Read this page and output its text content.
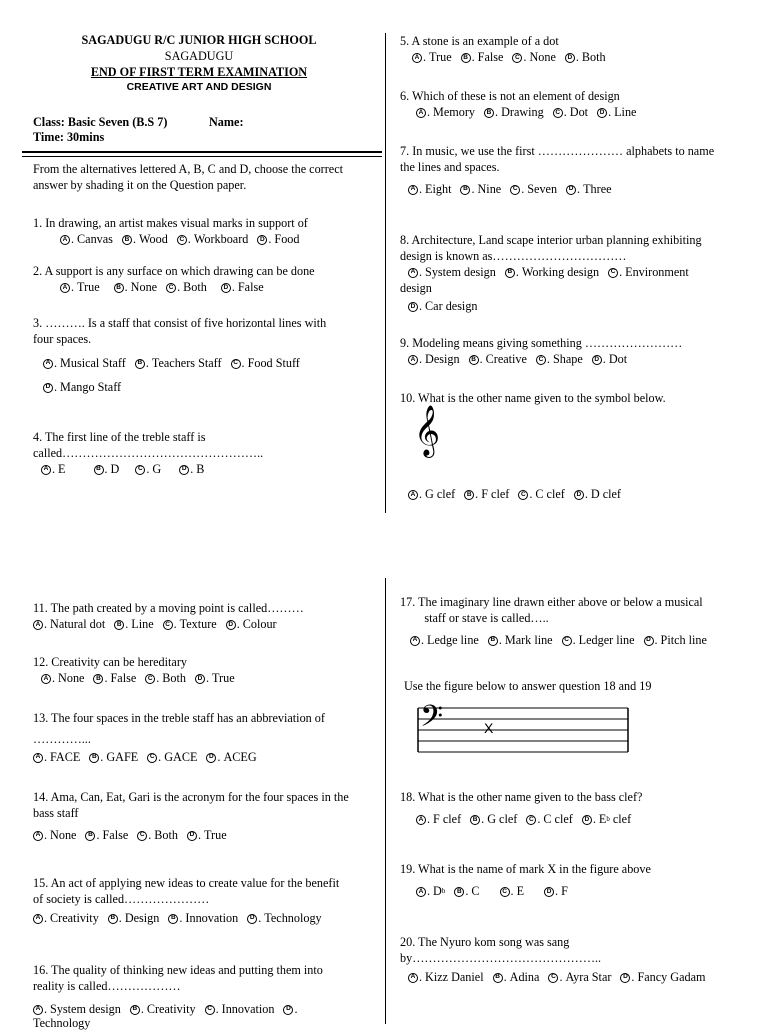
SAGADUGU R/C JUNIOR HIGH SCHOOL
SAGADUGU
END OF FIRST TERM EXAMINATION
CREATIVE ART AND DESIGN
Class: Basic Seven (B.S 7)	Name:
Time: 30mins
From the alternatives lettered A, B, C and D, choose the correct
answer by shading it on the Question paper.
1. In drawing, an artist makes visual marks in support of
A . Canvas	B . Wood	C . Workboard	D . Food
2. A support is any surface on which drawing can be done
A . True	B . None	C . Both	D . False
3. ………. Is a staff that consist of five horizontal lines with
four spaces.
A . Musical Staff	B . Teachers Staff	C . Food Stuff
D . Mango Staff
4. The first line of the treble staff is
called…………………………………………..
A . E	B . D	C . G	D . B
5. A stone is an example of a dot
A . True	B . False	C . None	D . Both
6. Which of these is not an element of design
A . Memory	B . Drawing	C . Dot	D . Line
7. In music, we use the first ………………… alphabets to name
the lines and spaces.
A . Eight	B . Nine	C . Seven	D . Three
8. Architecture, Land scape interior urban planning exhibiting
design is known as……………………………
A . System design	B . Working design	C . Environment
design
D . Car design
9. Modeling means giving something ……………………
A . Design	B . Creative	C . Shape	D . Dot
10. What is the other name given to the symbol below.
𝄞
A . G clef	B . F clef	C . C clef	D . D clef
11. The path created by a moving point is called………
A . Natural dot	B . Line	C . Texture	D . Colour
12. Creativity can be hereditary
A . None	B . False	C . Both	D . True
13. The four spaces in the treble staff has an abbreviation of
…………...
A . FACE	B . GAFE	C . GACE	D . ACEG
14. Ama, Can, Eat, Gari is the acronym for the four spaces in the
bass staff
A . None	B . False	C . Both	D . True
15. An act of applying new ideas to create value for the benefit
of society is called…………………
A . Creativity	B . Design	B . Innovation	D . Technology
16. The quality of thinking new ideas and putting them into
reality is called………………
A . System design	B . Creativity	C . Innovation	D .
Technology
17. The imaginary line drawn either above or below a musical
staff or stave is called…..
A . Ledge line	B . Mark line	C . Ledger line	D . Pitch line
Use the figure below to answer question 18 and 19
𝄢	X
18. What is the other name given to the bass clef?
A . F clef	B . G clef	C . C clef	D . E b clef
19. What is the name of mark X in the figure above
A . D b	B . C	C . E	D . F
20. The Nyuro kom song was sang
by………………………………………..
A . Kizz Daniel	B . Adina	C . Ayra Star	D . Fancy Gadam
